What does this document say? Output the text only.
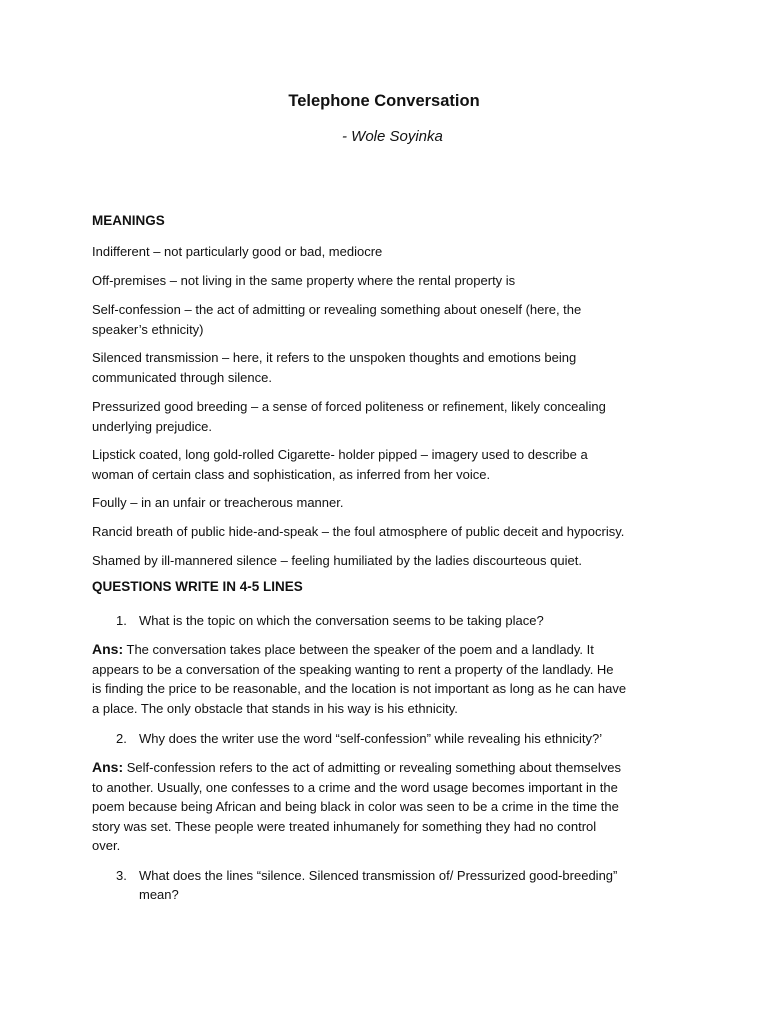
Telephone Conversation
- Wole Soyinka
MEANINGS
Indifferent – not particularly good or bad, mediocre
Off-premises – not living in the same property where the rental property is
Self-confession – the act of admitting or revealing something about oneself (here, the
speaker’s ethnicity)
Silenced transmission – here, it refers to the unspoken thoughts and emotions being
communicated through silence.
Pressurized good breeding – a sense of forced politeness or refinement, likely concealing
underlying prejudice.
Lipstick coated, long gold-rolled Cigarette- holder pipped – imagery used to describe a
woman of certain class and sophistication, as inferred from her voice.
Foully – in an unfair or treacherous manner.
Rancid breath of public hide-and-speak – the foul atmosphere of public deceit and hypocrisy.
Shamed by ill-mannered silence – feeling humiliated by the ladies discourteous quiet.
QUESTIONS WRITE IN 4-5 LINES
1. What is the topic on which the conversation seems to be taking place?
Ans: The conversation takes place between the speaker of the poem and a landlady. It
appears to be a conversation of the speaking wanting to rent a property of the landlady. He
is finding the price to be reasonable, and the location is not important as long as he can have
a place. The only obstacle that stands in his way is his ethnicity.
2. Why does the writer use the word “self-confession” while revealing his ethnicity?’
Ans: Self-confession refers to the act of admitting or revealing something about themselves
to another. Usually, one confesses to a crime and the word usage becomes important in the
poem because being African and being black in color was seen to be a crime in the time the
story was set. These people were treated inhumanely for something they had no control
over.
3. What does the lines “silence. Silenced transmission of/ Pressurized good-breeding”
mean?
